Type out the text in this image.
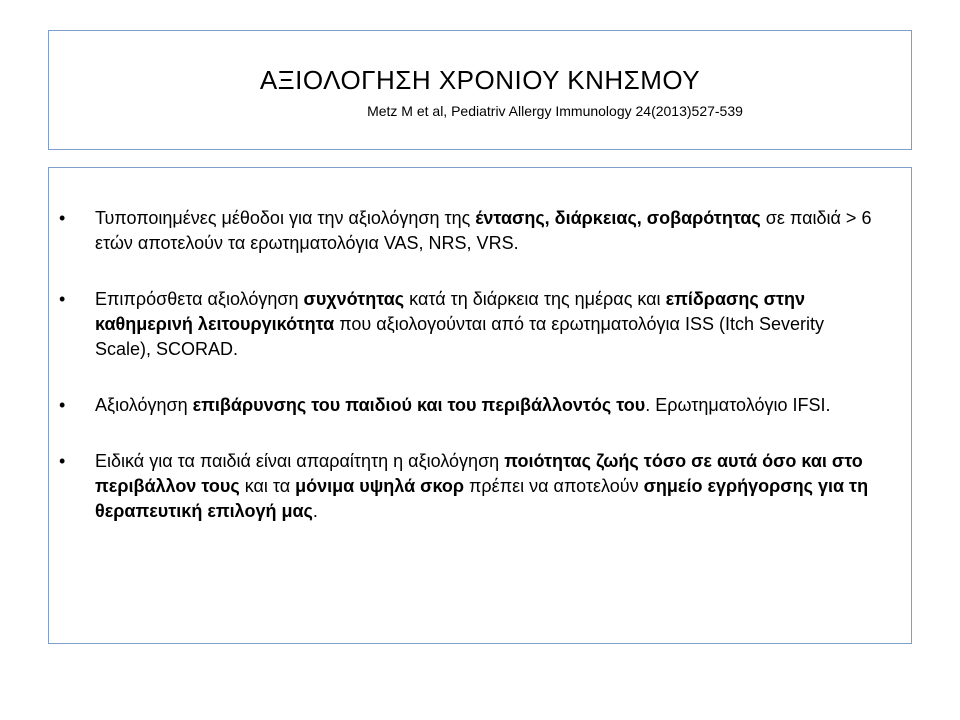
ΑΞΙΟΛΟΓΗΣΗ ΧΡΟΝΙΟΥ ΚΝΗΣΜΟΥ
Metz M et al, Pediatriv Allergy Immunology 24(2013)527-539
• Τυποποιημένες μέθοδοι για την αξιολόγηση της έντασης, διάρκειας, σοβαρότητας σε παιδιά > 6 ετών αποτελούν τα ερωτηματολόγια VAS, NRS, VRS.
• Επιπρόσθετα αξιολόγηση συχνότητας κατά τη διάρκεια της ημέρας και επίδρασης στην καθημερινή λειτουργικότητα που αξιολογούνται από τα ερωτηματολόγια ISS (Itch Severity Scale), SCORAD.
• Αξιολόγηση επιβάρυνσης του παιδιού και του περιβάλλοντός του. Ερωτηματολόγιο IFSI.
• Ειδικά για τα παιδιά είναι απαραίτητη η αξιολόγηση ποιότητας ζωής τόσο σε αυτά όσο και στο περιβάλλον τους και τα μόνιμα υψηλά σκορ πρέπει να αποτελούν σημείο εγρήγορσης για τη θεραπευτική επιλογή μας.
